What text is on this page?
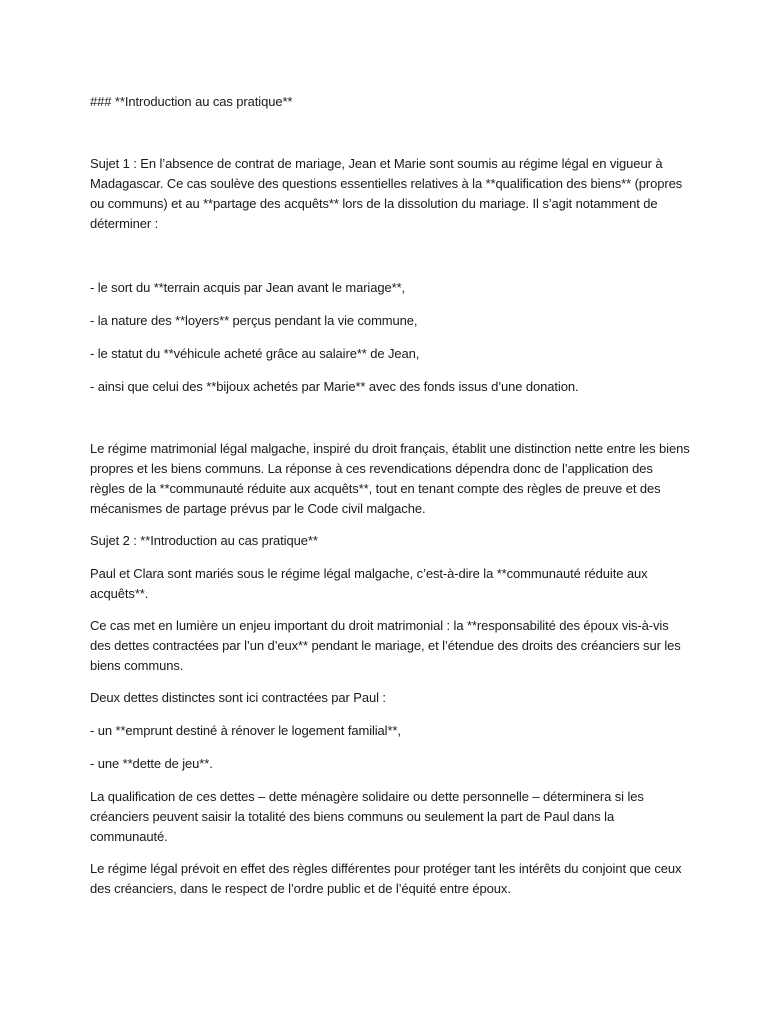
### **Introduction au cas pratique**

Sujet 1 : En l’absence de contrat de mariage, Jean et Marie sont soumis au régime légal en vigueur à Madagascar. Ce cas soulève des questions essentielles relatives à la **qualification des biens** (propres ou communs) et au **partage des acquêts** lors de la dissolution du mariage. Il s’agit notamment de déterminer :

- le sort du **terrain acquis par Jean avant le mariage**,

- la nature des **loyers** perçus pendant la vie commune,

- le statut du **véhicule acheté grâce au salaire** de Jean,

- ainsi que celui des **bijoux achetés par Marie** avec des fonds issus d’une donation.

Le régime matrimonial légal malgache, inspiré du droit français, établit une distinction nette entre les biens propres et les biens communs. La réponse à ces revendications dépendra donc de l’application des règles de la **communauté réduite aux acquêts**, tout en tenant compte des règles de preuve et des mécanismes de partage prévus par le Code civil malgache.

Sujet 2 : **Introduction au cas pratique**

Paul et Clara sont mariés sous le régime légal malgache, c’est-à-dire la **communauté réduite aux acquêts**.

Ce cas met en lumière un enjeu important du droit matrimonial : la **responsabilité des époux vis-à-vis des dettes contractées par l’un d’eux** pendant le mariage, et l’étendue des droits des créanciers sur les biens communs.

Deux dettes distinctes sont ici contractées par Paul :

- un **emprunt destiné à rénover le logement familial**,

- une **dette de jeu**.

La qualification de ces dettes – dette ménagère solidaire ou dette personnelle – déterminera si les créanciers peuvent saisir la totalité des biens communs ou seulement la part de Paul dans la communauté.

Le régime légal prévoit en effet des règles différentes pour protéger tant les intérêts du conjoint que ceux des créanciers, dans le respect de l’ordre public et de l’équité entre époux.
